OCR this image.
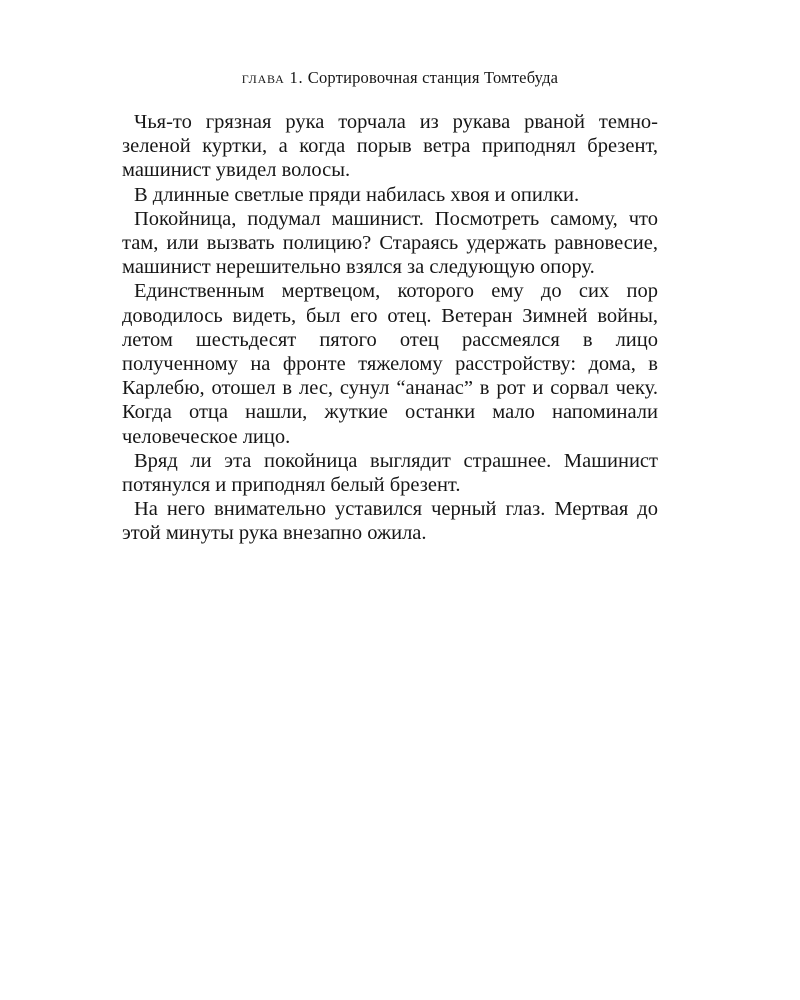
глава 1. Сортировочная станция Томтебуда

Чья-то грязная рука торчала из рукава рваной темно-зеленой куртки, а когда порыв ветра приподнял брезент, машинист увидел волосы.

В длинные светлые пряди набилась хвоя и опилки.

Покойница, подумал машинист. Посмотреть самому, что там, или вызвать полицию? Стараясь удержать равновесие, машинист нерешительно взялся за следующую опору.

Единственным мертвецом, которого ему до сих пор доводилось видеть, был его отец. Ветеран Зимней войны, летом шестьдесят пятого отец рассмеялся в лицо полученному на фронте тяжелому расстройству: дома, в Карлебю, отошел в лес, сунул “ананас” в рот и сорвал чеку. Когда отца нашли, жуткие останки мало напоминали человеческое лицо.

Вряд ли эта покойница выглядит страшнее. Машинист потянулся и приподнял белый брезент.

На него внимательно уставился черный глаз. Мертвая до этой минуты рука внезапно ожила.
